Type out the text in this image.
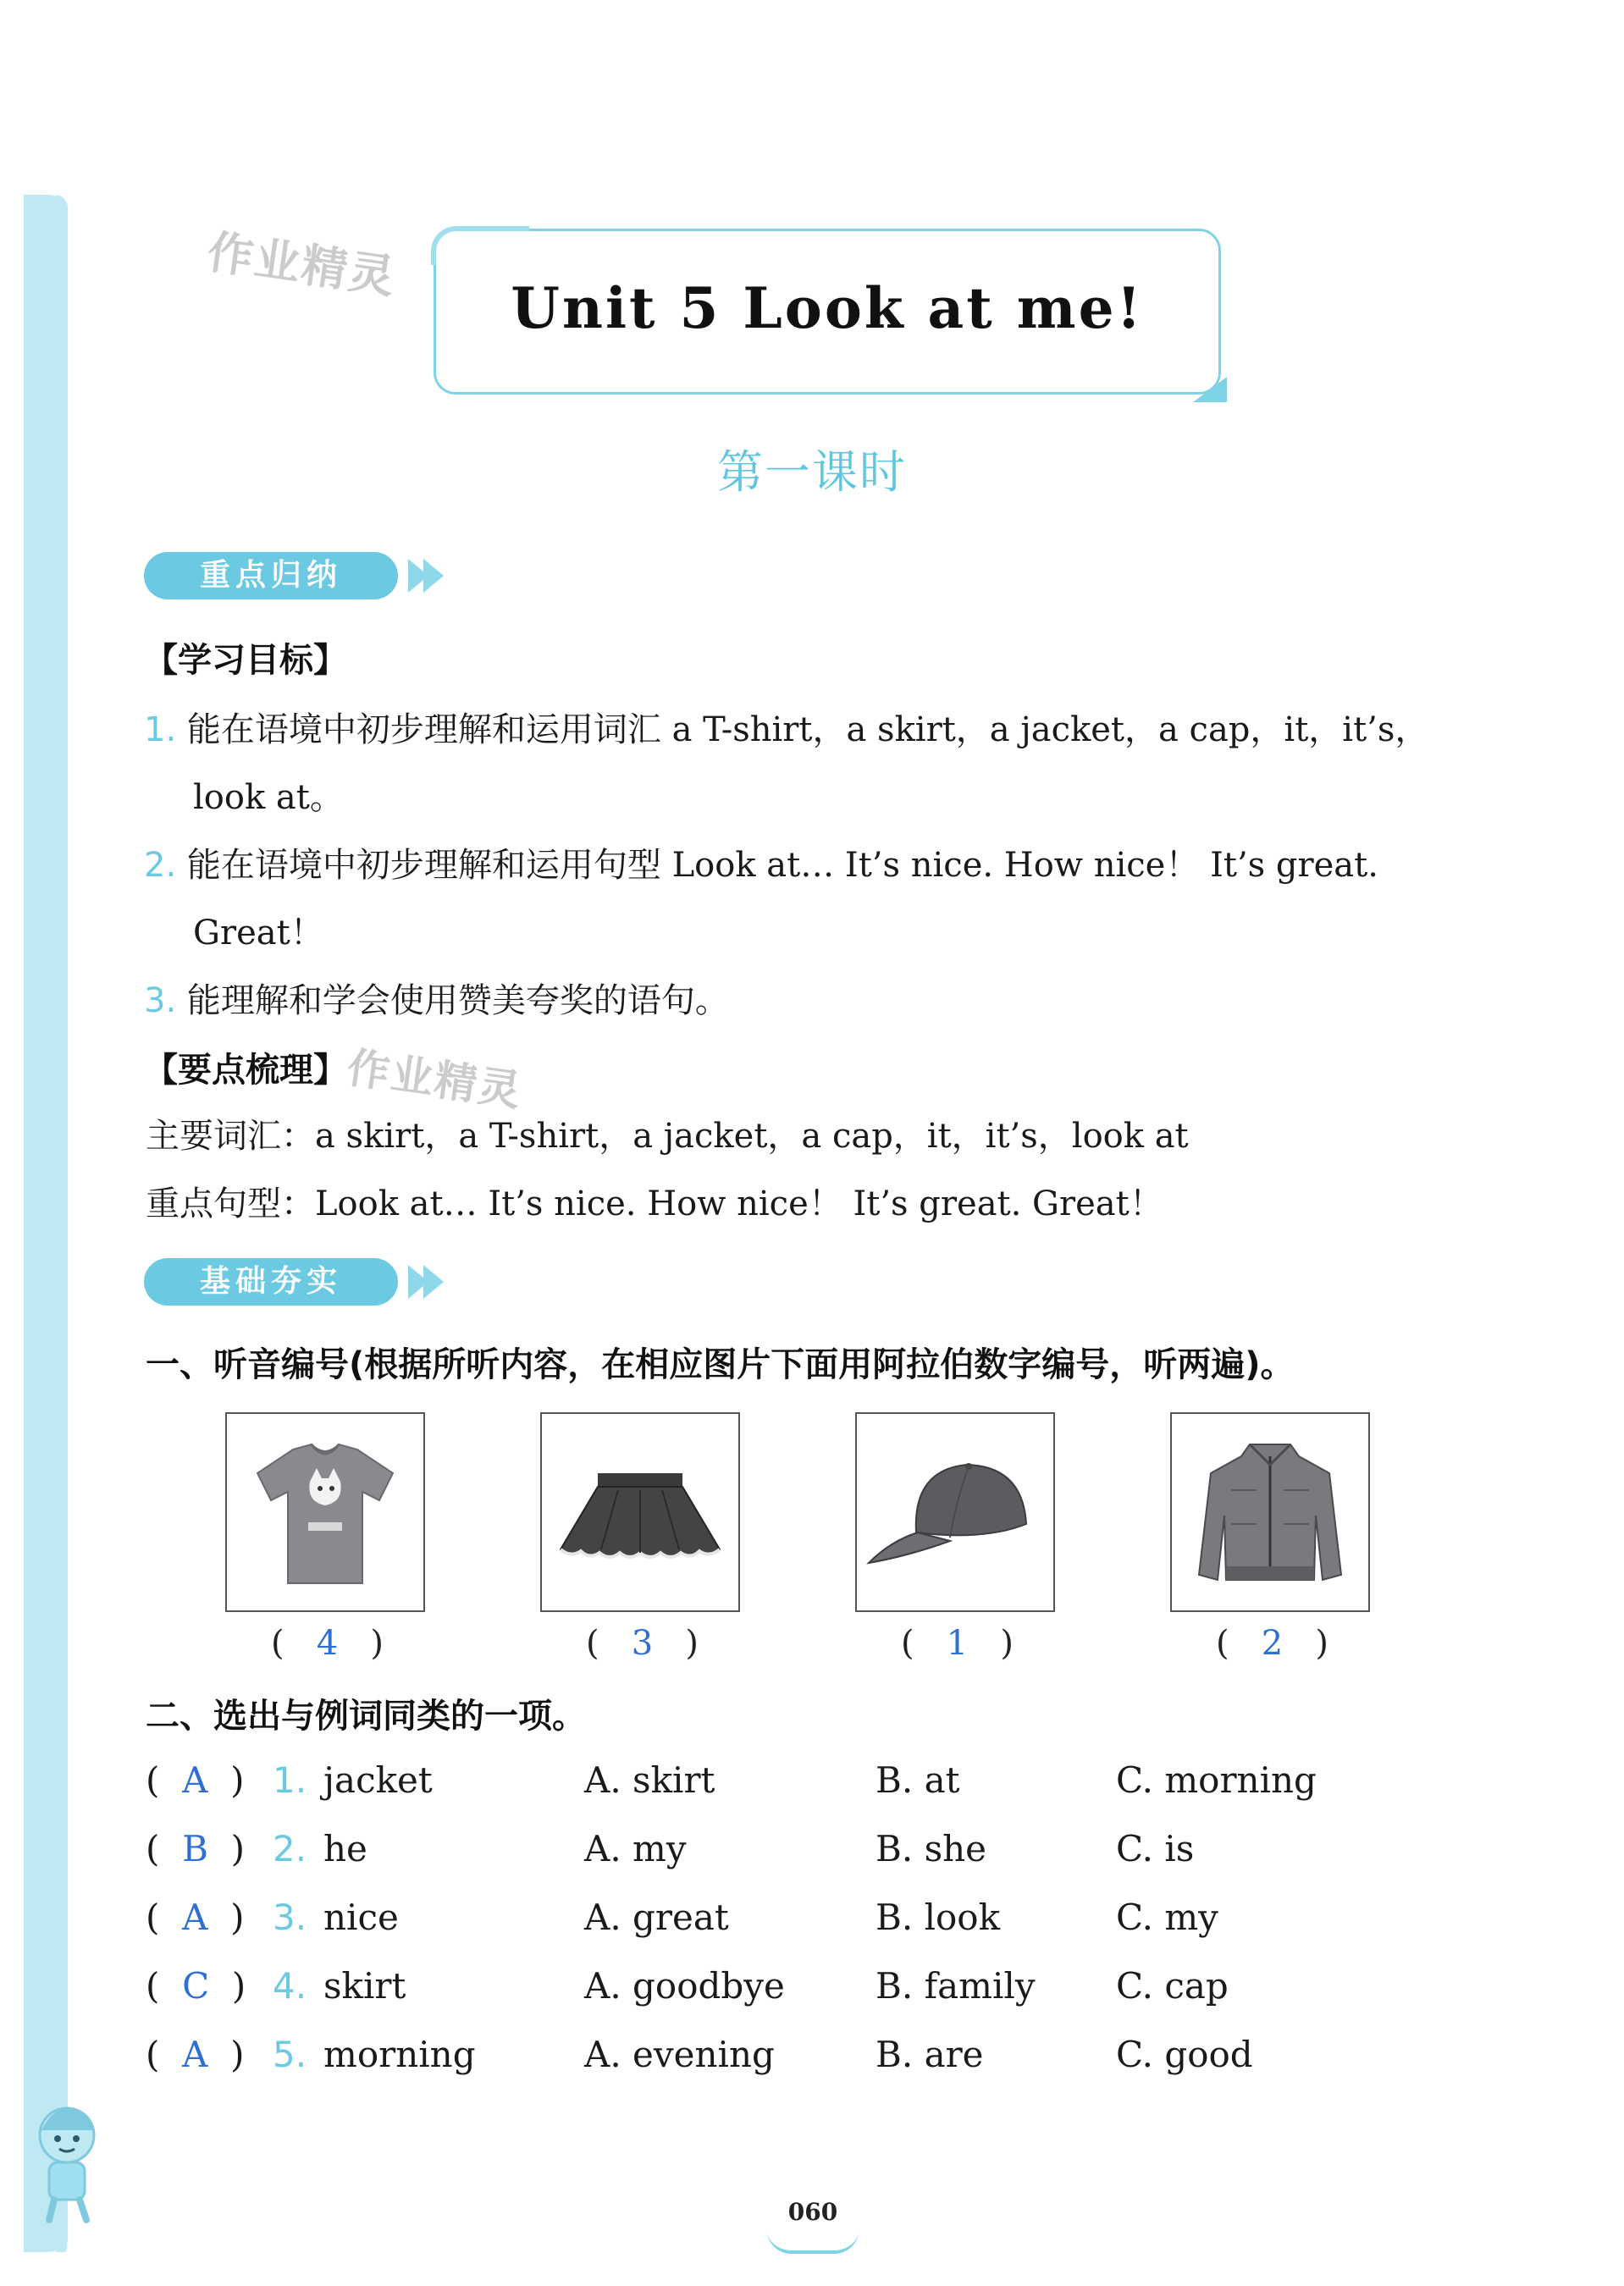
作业精灵
作业精灵
Unit 5 Look at me!
第一课时
重点归纳
【学习目标】
1. 能在语境中初步理解和运用词汇 a T-shirt，a skirt，a jacket，a cap，it，it’s，
look at。
2. 能在语境中初步理解和运用句型 Look at… It’s nice. How nice！ It’s great.
Great！
3. 能理解和学会使用赞美夸奖的语句。
【要点梳理】
主要词汇：a skirt，a T-shirt，a jacket，a cap，it，it’s，look at
重点句型：Look at… It’s nice. How nice！ It’s great. Great！
基础夯实
一、听音编号(根据所听内容，在相应图片下面用阿拉伯数字编号，听两遍)。
(   4   )	(   3   )	(   1   )	(   2   )
二、选出与例词同类的一项。
(  A  ) 1. jacket	A. skirt	B. at	C. morning
(  B  ) 2. he	A. my	B. she	C. is
(  A  ) 3. nice	A. great	B. look	C. my
(  C  ) 4. skirt	A. goodbye	B. family C. cap
(  A  ) 5. morning	A. evening	B. are	C. good
060
